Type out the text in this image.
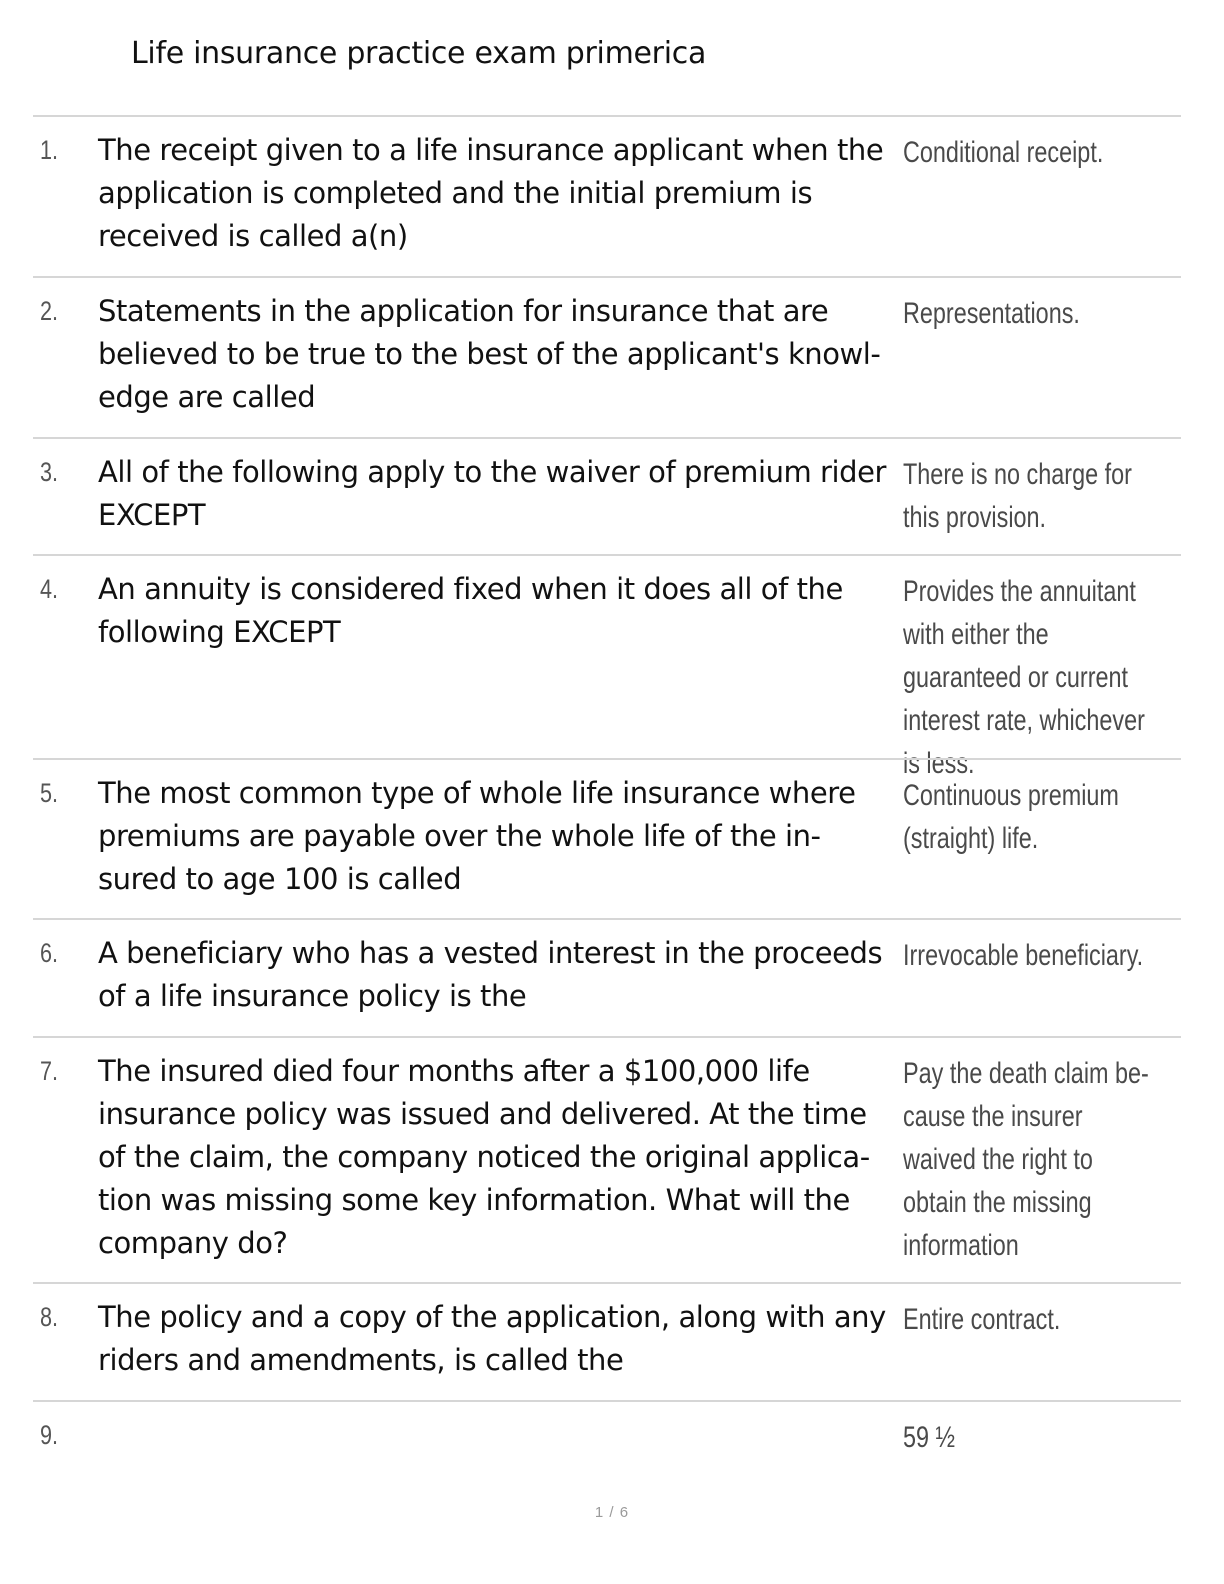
Life insurance practice exam primerica
1. The receipt given to a life insurance applicant when the application is completed and the initial premium is received is called a(n)
Conditional receipt.
2. Statements in the application for insurance that are believed to be true to the best of the applicant's knowl-edge are called
Representations.
3. All of the following apply to the waiver of premium rider EXCEPT
There is no charge for this provision.
4. An annuity is considered fixed when it does all of the following EXCEPT
Provides the annuitant with either the guaranteed or current interest rate, whichever is less.
5. The most common type of whole life insurance where premiums are payable over the whole life of the in-sured to age 100 is called
Continuous premium (straight) life.
6. A beneficiary who has a vested interest in the proceeds of a life insurance policy is the
Irrevocable beneficiary.
7. The insured died four months after a $100,000 life insurance policy was issued and delivered. At the time of the claim, the company noticed the original applica-tion was missing some key information. What will the company do?
Pay the death claim be-cause the insurer waived the right to obtain the missing information
8. The policy and a copy of the application, along with any riders and amendments, is called the
Entire contract.
9.	59 ½
1 / 6
